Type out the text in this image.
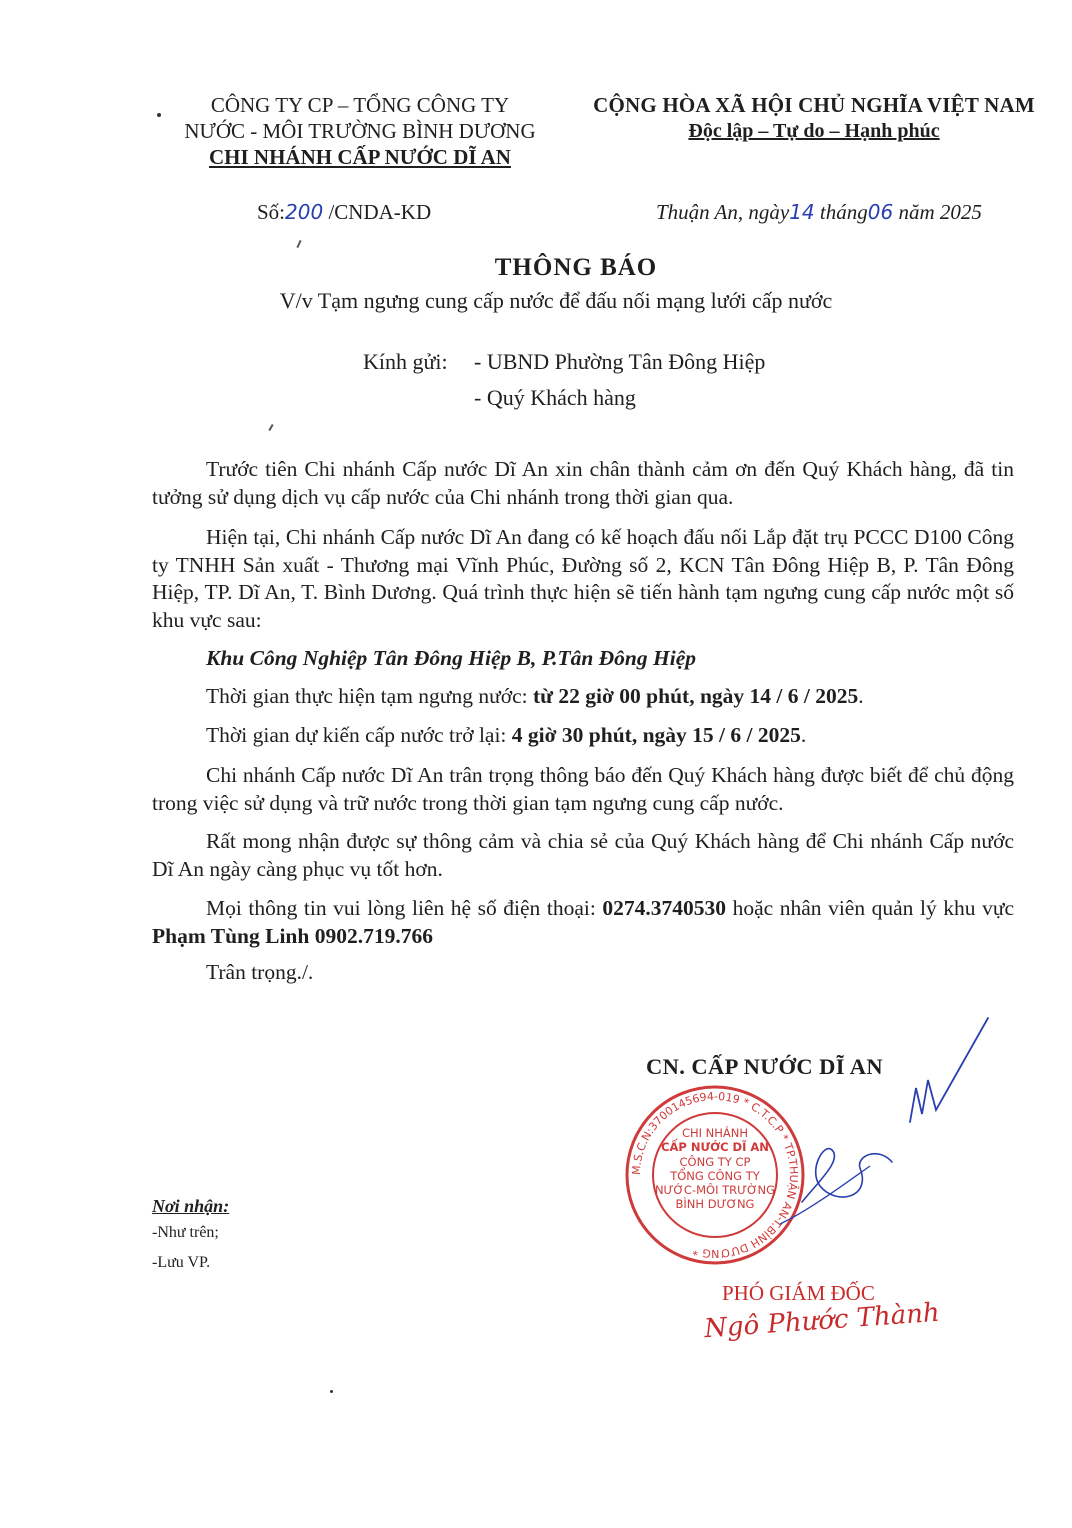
CÔNG TY CP – TỔNG CÔNG TY
NƯỚC - MÔI TRƯỜNG BÌNH DƯƠNG
CHI NHÁNH CẤP NƯỚC DĨ AN
CỘNG HÒA XÃ HỘI CHỦ NGHĨA VIỆT NAM
Độc lập – Tự do – Hạnh phúc
Số:200 /CNDA-KD	Thuận An, ngày14 tháng06 năm 2025
THÔNG BÁO
V/v Tạm ngưng cung cấp nước để đấu nối mạng lưới cấp nước
Kính gửi: - UBND Phường Tân Đông Hiệp
- Quý Khách hàng
Trước tiên Chi nhánh Cấp nước Dĩ An xin chân thành cảm ơn đến Quý Khách hàng, đã tin tưởng sử dụng dịch vụ cấp nước của Chi nhánh trong thời gian qua.
Hiện tại, Chi nhánh Cấp nước Dĩ An đang có kế hoạch đấu nối Lắp đặt trụ PCCC D100 Công ty TNHH Sản xuất - Thương mại Vĩnh Phúc, Đường số 2, KCN Tân Đông Hiệp B, P. Tân Đông Hiệp, TP. Dĩ An, T. Bình Dương. Quá trình thực hiện sẽ tiến hành tạm ngưng cung cấp nước một số khu vực sau:
Khu Công Nghiệp Tân Đông Hiệp B, P.Tân Đông Hiệp
Thời gian thực hiện tạm ngưng nước: từ 22 giờ 00 phút, ngày 14 / 6 / 2025.
Thời gian dự kiến cấp nước trở lại: 4 giờ 30 phút, ngày 15 / 6 / 2025.
Chi nhánh Cấp nước Dĩ An trân trọng thông báo đến Quý Khách hàng được biết để chủ động trong việc sử dụng và trữ nước trong thời gian tạm ngưng cung cấp nước.
Rất mong nhận được sự thông cảm và chia sẻ của Quý Khách hàng để Chi nhánh Cấp nước Dĩ An ngày càng phục vụ tốt hơn.
Mọi thông tin vui lòng liên hệ số điện thoại: 0274.3740530 hoặc nhân viên quản lý khu vực Phạm Tùng Linh 0902.719.766
Trân trọng./.
CN. CẤP NƯỚC DĨ AN
M.S.C.N:3700145694-019 * C.T.C.P * TP.THUẬN AN-T.BÌNH DƯƠNG *
CHI NHÁNH
CẤP NƯỚC DĨ AN
CÔNG TY CP
TỔNG CÔNG TY
NƯỚC-MÔI TRƯỜNG
BÌNH DƯƠNG
Nơi nhận:
-Như trên;
-Lưu VP.
PHÓ GIÁM ĐỐC
Ngô Phước Thành
